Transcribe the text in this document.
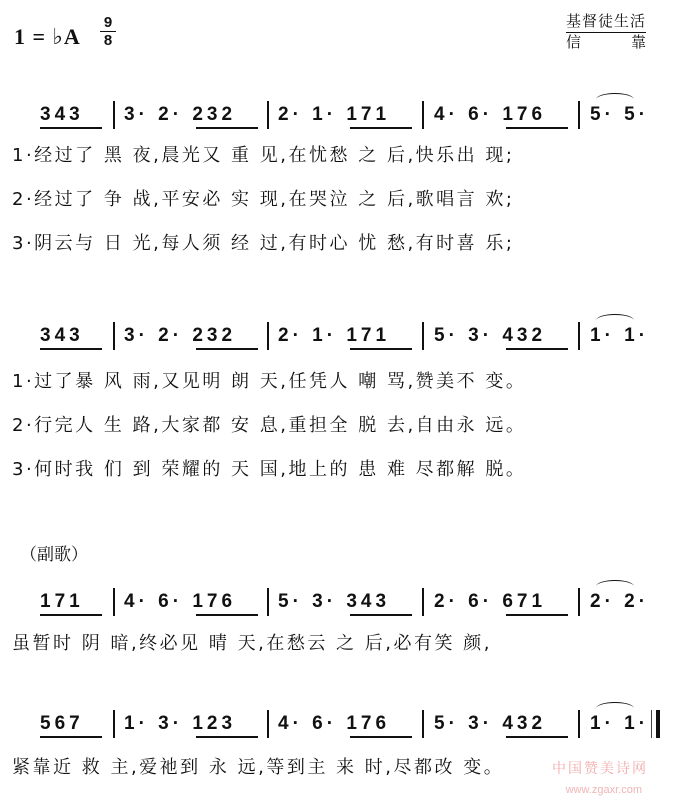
1 = ♭A
9
8
基督徒生活
信	靠
343 3· 2· 232 2· 1· 171 4· 6· 176 5· 5·
1·经过了 黑 夜,晨光又 重 见,在忧愁 之 后,快乐出 现;
2·经过了 争 战,平安必 实 现,在哭泣 之 后,歌唱言 欢;
3·阴云与 日 光,每人须 经 过,有时心 忧 愁,有时喜 乐;
343 3· 2· 232 2· 1· 171 5· 3· 432 1· 1·
1·过了暴 风 雨,又见明 朗 天,任凭人 嘲 骂,赞美不 变。
2·行完人 生 路,大家都 安 息,重担全 脱 去,自由永 远。
3·何时我 们 到 荣耀的 天 国,地上的 患 难 尽都解 脱。
（副歌）
171 4· 6· 176 5· 3· 343 2· 6· 671 2· 2·
虽暂时 阴 暗,终必见 晴 天,在愁云 之 后,必有笑 颜,
567 1· 3· 123 4· 6· 176 5· 3· 432 1· 1·
紧靠近 救 主,爱祂到 永 远,等到主 来 时,尽都改 变。	中国赞美诗网
www.zgaxr.com
